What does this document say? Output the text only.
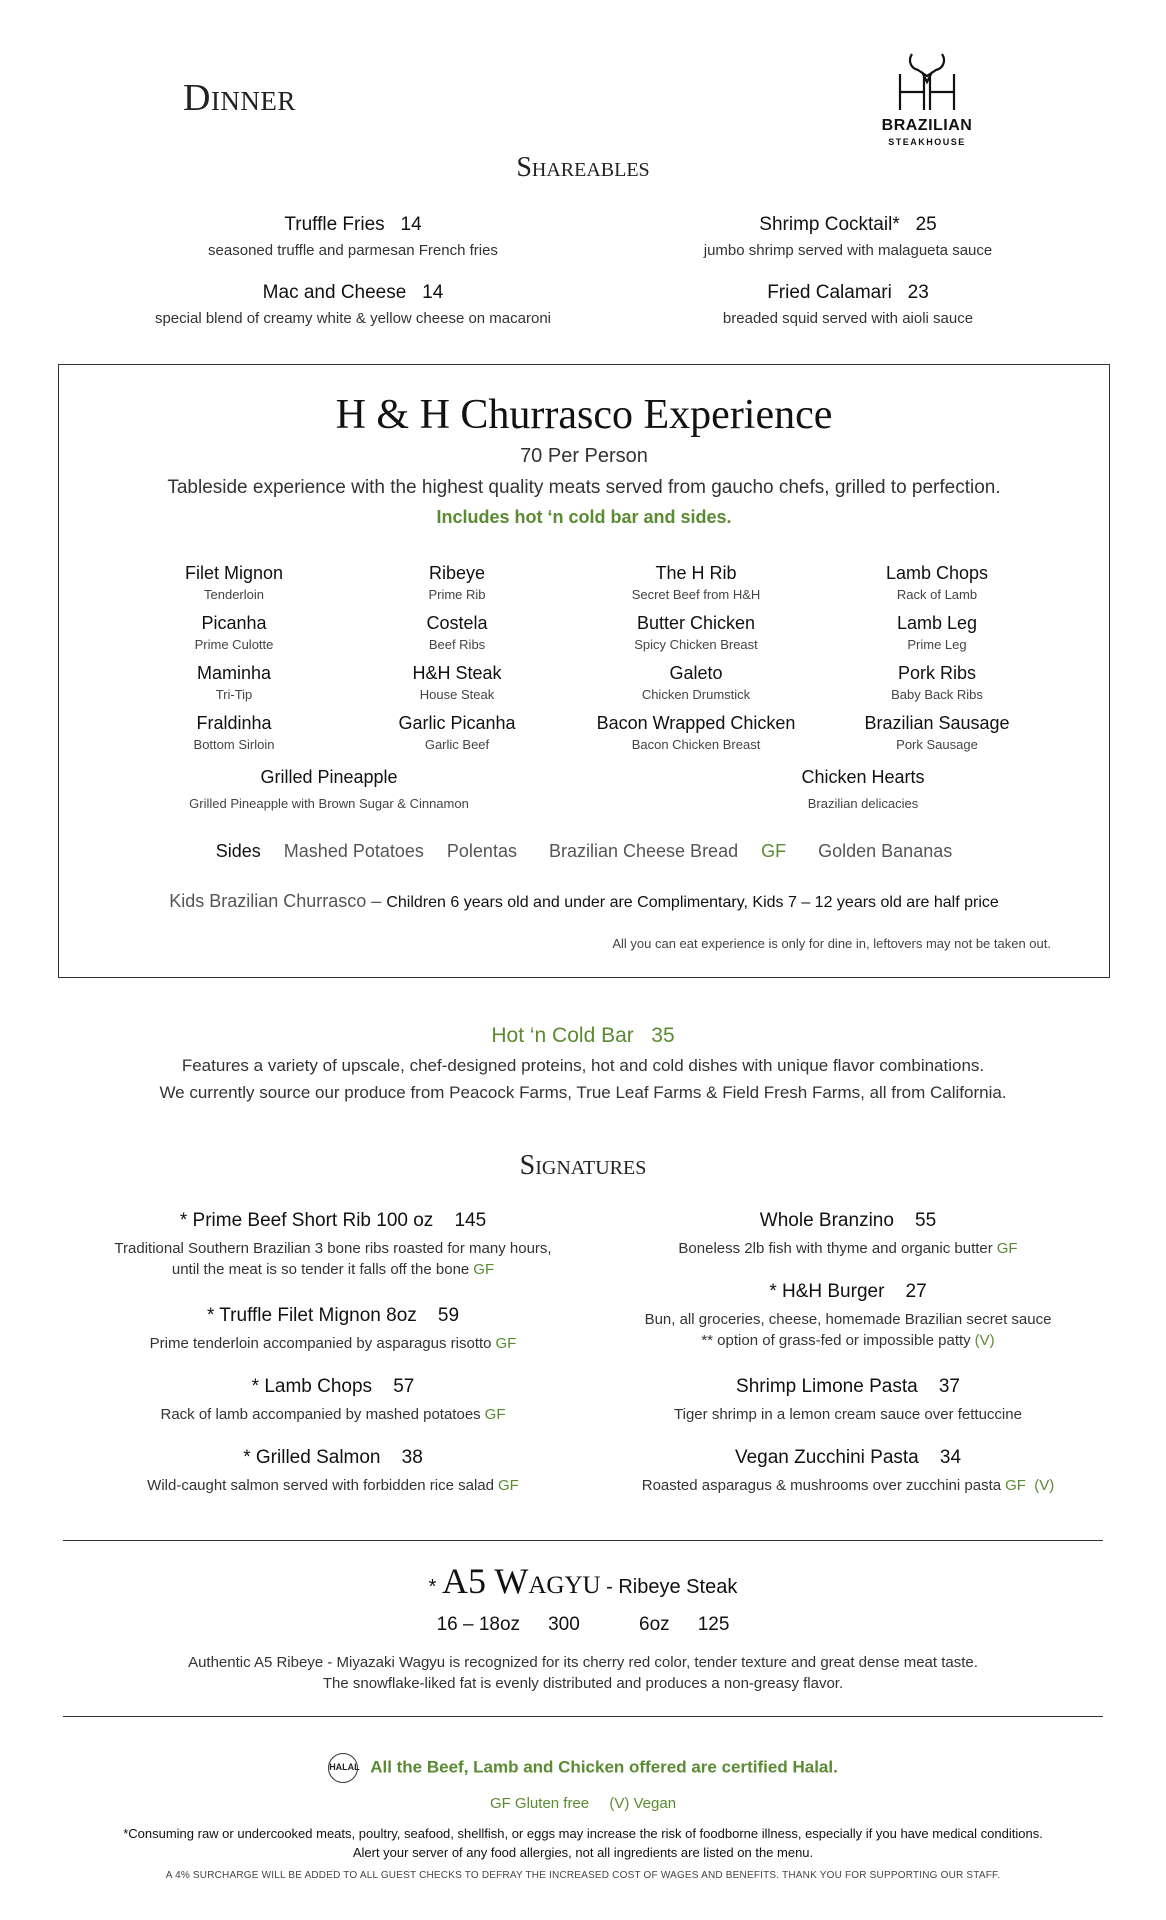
Dinner
BRAZILIAN
STEAKHOUSE
Shareables
Truffle Fries 14
seasoned truffle and parmesan French fries
Mac and Cheese 14
special blend of creamy white & yellow cheese on macaroni
Shrimp Cocktail* 25
jumbo shrimp served with malagueta sauce
Fried Calamari 23
breaded squid served with aioli sauce
H & H Churrasco Experience
70 Per Person
Tableside experience with the highest quality meats served from gaucho chefs, grilled to perfection.
Includes hot ‘n cold bar and sides.
Filet Mignon
Tenderloin
Ribeye
Prime Rib
The H Rib
Secret Beef from H&H
Lamb Chops
Rack of Lamb
Picanha
Prime Culotte
Costela
Beef Ribs
Butter Chicken
Spicy Chicken Breast
Lamb Leg
Prime Leg
Maminha
Tri-Tip
H&H Steak
House Steak
Galeto
Chicken Drumstick
Pork Ribs
Baby Back Ribs
Fraldinha
Bottom Sirloin
Garlic Picanha
Garlic Beef
Bacon Wrapped Chicken
Bacon Chicken Breast
Brazilian Sausage
Pork Sausage
Grilled Pineapple
Grilled Pineapple with Brown Sugar & Cinnamon
Chicken Hearts
Brazilian delicacies
Sides Mashed Potatoes Polentas Brazilian Cheese Bread GF Golden Bananas
Kids Brazilian Churrasco – Children 6 years old and under are Complimentary, Kids 7 – 12 years old are half price
All you can eat experience is only for dine in, leftovers may not be taken out.
Hot ‘n Cold Bar 35
Features a variety of upscale, chef-designed proteins, hot and cold dishes with unique flavor combinations.
We currently source our produce from Peacock Farms, True Leaf Farms & Field Fresh Farms, all from California.
Signatures
* Prime Beef Short Rib 100 oz 145
Traditional Southern Brazilian 3 bone ribs roasted for many hours,
until the meat is so tender it falls off the bone GF
* Truffle Filet Mignon 8oz 59
Prime tenderloin accompanied by asparagus risotto GF
* Lamb Chops 57
Rack of lamb accompanied by mashed potatoes GF
* Grilled Salmon 38
Wild-caught salmon served with forbidden rice salad GF
Whole Branzino 55
Boneless 2lb fish with thyme and organic butter GF
* H&H Burger 27
Bun, all groceries, cheese, homemade Brazilian secret sauce
** option of grass-fed or impossible patty (V)
Shrimp Limone Pasta 37
Tiger shrimp in a lemon cream sauce over fettuccine
Vegan Zucchini Pasta 34
Roasted asparagus & mushrooms over zucchini pasta GF  (V)
* A5 Wagyu - Ribeye Steak
16 – 18oz 300	6oz 125
Authentic A5 Ribeye - Miyazaki Wagyu is recognized for its cherry red color, tender texture and great dense meat taste.
The snowflake-liked fat is evenly distributed and produces a non-greasy flavor.
HALAL All the Beef, Lamb and Chicken offered are certified Halal.
GF Gluten free (V) Vegan
*Consuming raw or undercooked meats, poultry, seafood, shellfish, or eggs may increase the risk of foodborne illness, especially if you have medical conditions.
Alert your server of any food allergies, not all ingredients are listed on the menu.
A 4% SURCHARGE WILL BE ADDED TO ALL GUEST CHECKS TO DEFRAY THE INCREASED COST OF WAGES AND BENEFITS. THANK YOU FOR SUPPORTING OUR STAFF.
